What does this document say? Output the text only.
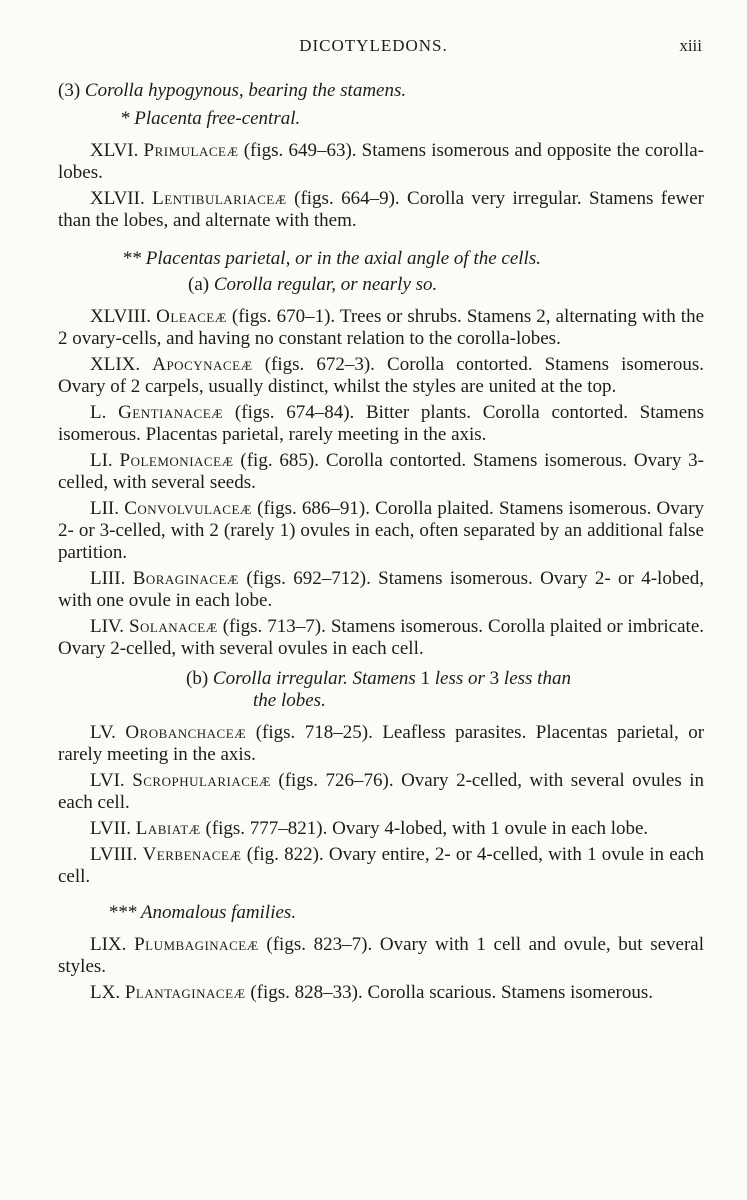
DICOTYLEDONS.	xiii

(3) Corolla hypogynous, bearing the stamens.

* Placenta free-central.

XLVI. Primulaceæ (figs. 649–63). Stamens isomerous and opposite the corolla-lobes.

XLVII. Lentibulariaceæ (figs. 664–9). Corolla very irregular. Stamens fewer than the lobes, and alternate with them.

** Placentas parietal, or in the axial angle of the cells.

(a) Corolla regular, or nearly so.

XLVIII. Oleaceæ (figs. 670–1). Trees or shrubs. Stamens 2, alternating with the 2 ovary-cells, and having no constant relation to the corolla-lobes.

XLIX. Apocynaceæ (figs. 672–3). Corolla contorted. Stamens isomerous. Ovary of 2 carpels, usually distinct, whilst the styles are united at the top.

L. Gentianaceæ (figs. 674–84). Bitter plants. Corolla contorted. Stamens isomerous. Placentas parietal, rarely meeting in the axis.

LI. Polemoniaceæ (fig. 685). Corolla contorted. Stamens isomerous. Ovary 3-celled, with several seeds.

LII. Convolvulaceæ (figs. 686–91). Corolla plaited. Stamens isomerous. Ovary 2- or 3-celled, with 2 (rarely 1) ovules in each, often separated by an additional false partition.

LIII. Boraginaceæ (figs. 692–712). Stamens isomerous. Ovary 2- or 4-lobed, with one ovule in each lobe.

LIV. Solanaceæ (figs. 713–7). Stamens isomerous. Corolla plaited or imbricate. Ovary 2-celled, with several ovules in each cell.

(b) Corolla irregular. Stamens 1 less or 3 less than
the lobes.

LV. Orobanchaceæ (figs. 718–25). Leafless parasites. Placentas parietal, or rarely meeting in the axis.

LVI. Scrophulariaceæ (figs. 726–76). Ovary 2-celled, with several ovules in each cell.

LVII. Labiatæ (figs. 777–821). Ovary 4-lobed, with 1 ovule in each lobe.

LVIII. Verbenaceæ (fig. 822). Ovary entire, 2- or 4-celled, with 1 ovule in each cell.

*** Anomalous families.

LIX. Plumbaginaceæ (figs. 823–7). Ovary with 1 cell and ovule, but several styles.

LX. Plantaginaceæ (figs. 828–33). Corolla scarious. Stamens isomerous.
